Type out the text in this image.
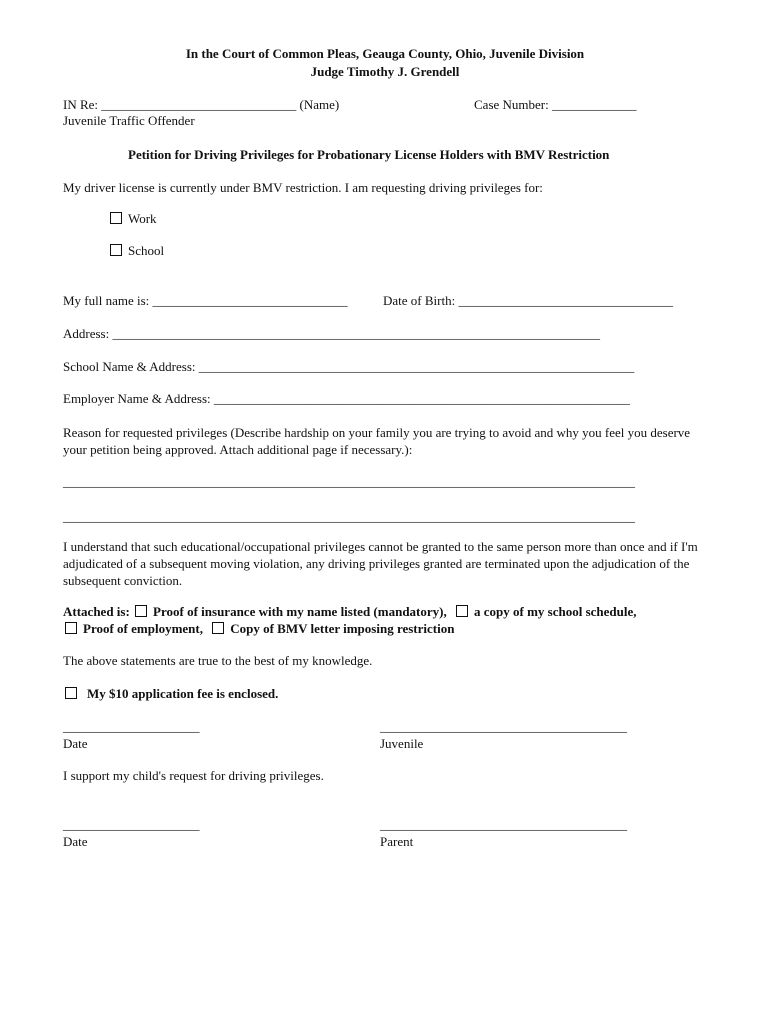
In the Court of Common Pleas, Geauga County, Ohio, Juvenile Division
Judge Timothy J. Grendell
IN Re: ______________________________ (Name)	Case Number: _____________
Juvenile Traffic Offender
Petition for Driving Privileges for Probationary License Holders with BMV Restriction
My driver license is currently under BMV restriction. I am requesting driving privileges for:
Work
School
My full name is: ______________________________	Date of Birth: _________________________________
Address: ___________________________________________________________________________
School Name & Address: ___________________________________________________________________
Employer Name & Address: ________________________________________________________________
Reason for requested privileges (Describe hardship on your family you are trying to avoid and why you feel you deserve your petition being approved. Attach additional page if necessary.):
________________________________________________________________________________________
________________________________________________________________________________________
I understand that such educational/occupational privileges cannot be granted to the same person more than once and if I'm adjudicated of a subsequent moving violation, any driving privileges granted are terminated upon the adjudication of the subsequent conviction.
Attached is: Proof of insurance with my name listed (mandatory), a copy of my school schedule,
Proof of employment, Copy of BMV letter imposing restriction
The above statements are true to the best of my knowledge.
My $10 application fee is enclosed.
_____________________	______________________________________
Date	Juvenile
I support my child's request for driving privileges.
_____________________	______________________________________
Date	Parent
